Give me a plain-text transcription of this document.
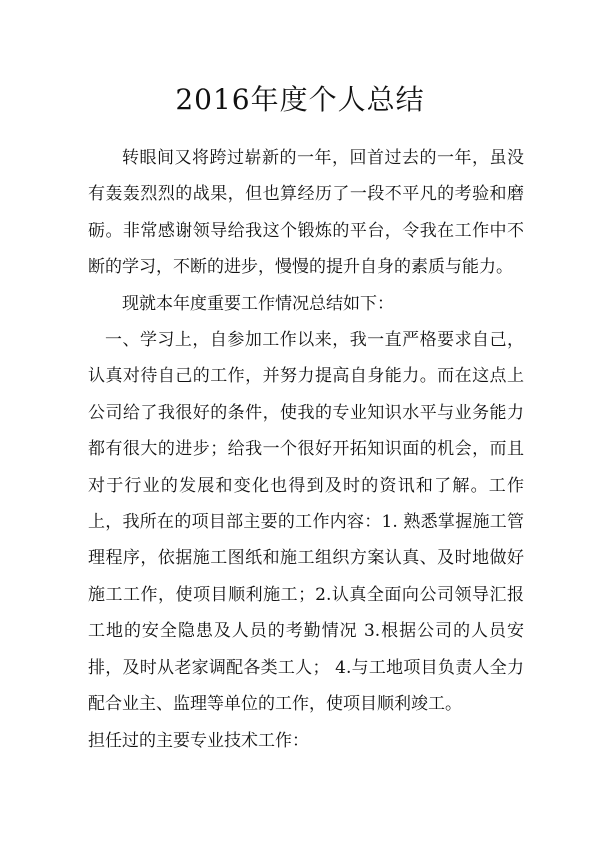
2016年度个人总结

转眼间又将跨过崭新的一年，回首过去的一年，虽没有轰轰烈烈的战果，但也算经历了一段不平凡的考验和磨砺。非常感谢领导给我这个锻炼的平台，令我在工作中不断的学习，不断的进步，慢慢的提升自身的素质与能力。

现就本年度重要工作情况总结如下：

一、学习上，自参加工作以来，我一直严格要求自己，认真对待自己的工作，并努力提高自身能力。而在这点上公司给了我很好的条件，使我的专业知识水平与业务能力都有很大的进步；给我一个很好开拓知识面的机会，而且对于行业的发展和变化也得到及时的资讯和了解。工作上，我所在的项目部主要的工作内容：1. 熟悉掌握施工管理程序，依据施工图纸和施工组织方案认真、及时地做好施工工作，使项目顺利施工；2.认真全面向公司领导汇报工地的安全隐患及人员的考勤情况 3.根据公司的人员安排，及时从老家调配各类工人； 4.与工地项目负责人全力配合业主、监理等单位的工作，使项目顺利竣工。

担任过的主要专业技术工作：
